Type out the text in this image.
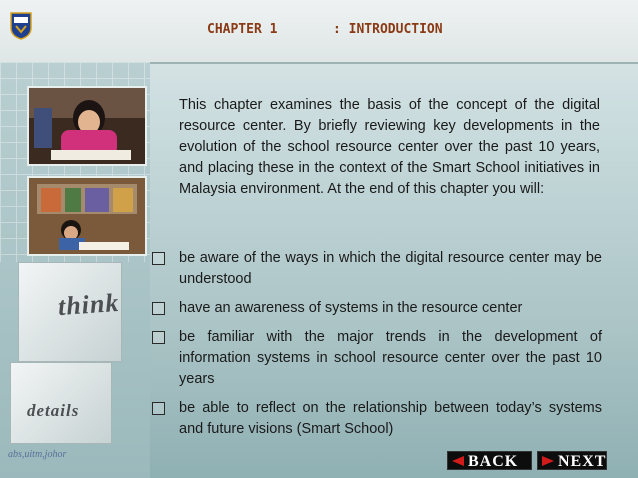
CHAPTER 1	: INTRODUCTION
think
details
abs,uitm,johor
This chapter examines the basis of the concept of the digital resource center. By briefly reviewing key developments in the evolution of the school resource center over the past 10 years, and placing these in the context of the Smart School initiatives in Malaysia environment. At the end of this chapter you will:
be aware of the ways in which the digital resource center may be understood
have an awareness of systems in the resource center
be familiar with the major trends in the development of information systems in school resource center over the past 10 years
be able to reflect on the relationship between today’s systems and future visions (Smart School)
BACK	NEXT
